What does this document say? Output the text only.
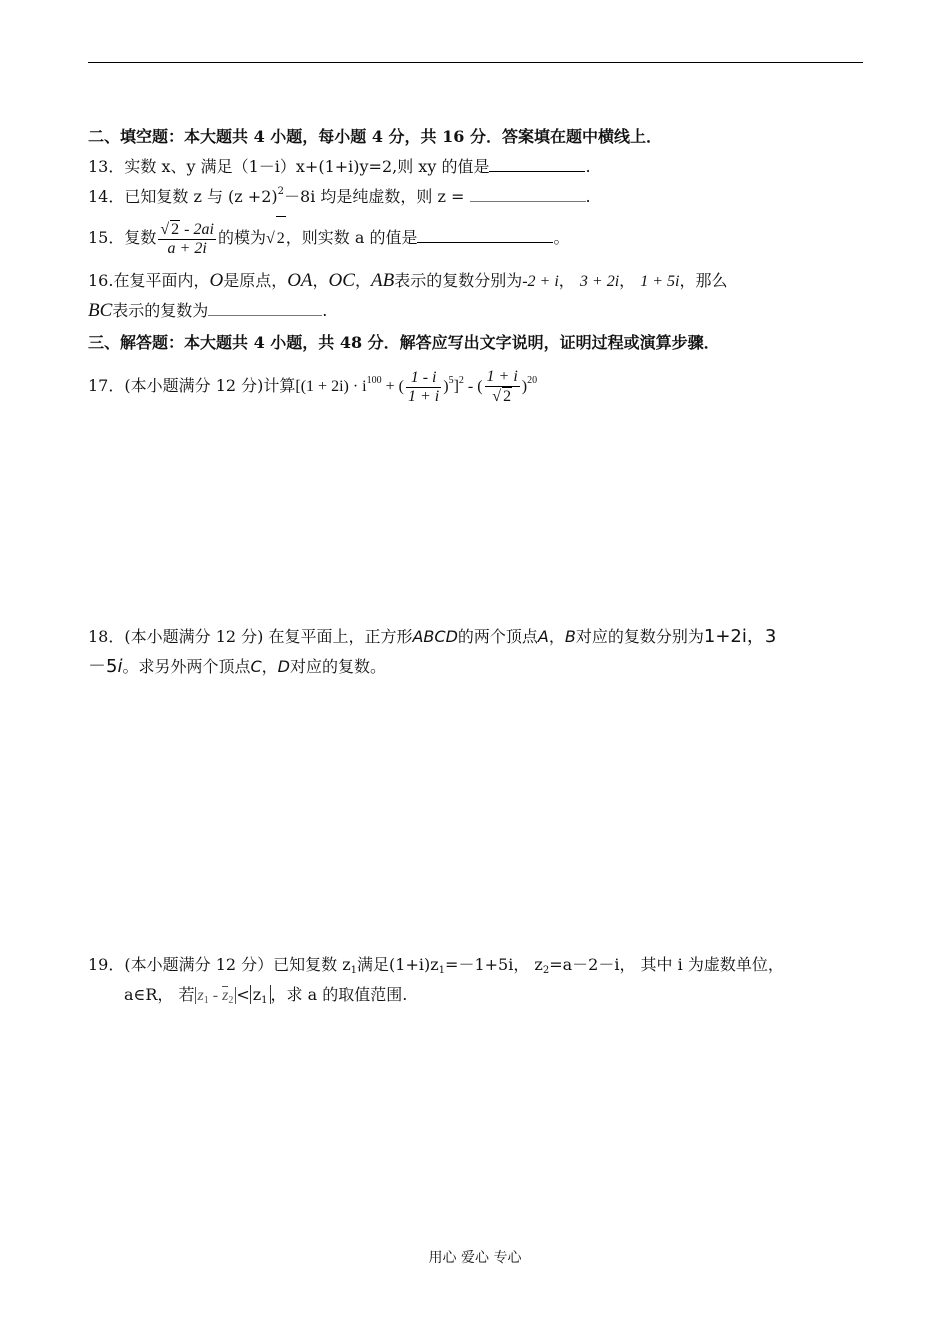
二、填空题：本大题共 4 小题，每小题 4 分，共 16 分．答案填在题中横线上．
13．实数 x、y 满足（1－i）x+(1+i)y=2,则 xy 的值是	.
14．已知复数 z 与 $(z +2)^2-8i$ 均是纯虚数，则 z =	.
15．复数 $\frac{√ 2 - 2ai}{a + 2i}$ 的模为√ 2，则实数 a 的值是	。
16.在复平面内，O是原点，OA，OC，AB表示的复数分别为-2 + i， 3 + 2i， 1 + 5i，那么
BC表示的复数为	.
三、解答题：本大题共 4 小题，共 48 分．解答应写出文字说明，证明过程或演算步骤．
17．(本小题满分 12 分)计算[$(1 + 2i) \cdot i^{100}$ + ( $\frac{1 - i}{1 + i} )^5]^2$ - ( $\frac{1 + i}{√ 2} )^{20}$
18．(本小题满分 12 分) 在复平面上，正方形ABCD的两个顶点A，B对应的复数分别为1+2i，3
－5i。求另外两个顶点C，D对应的复数。
19．(本小题满分 12 分）已知复数 $z_1$满足$(1+i)z_1=-1+5i$， $z_2=a-2-i$， 其中 i 为虚数单位，
a∈R， 若 $z_1 - z_2 < z_1$ ，求 a 的取值范围.
用心 爱心 专心
